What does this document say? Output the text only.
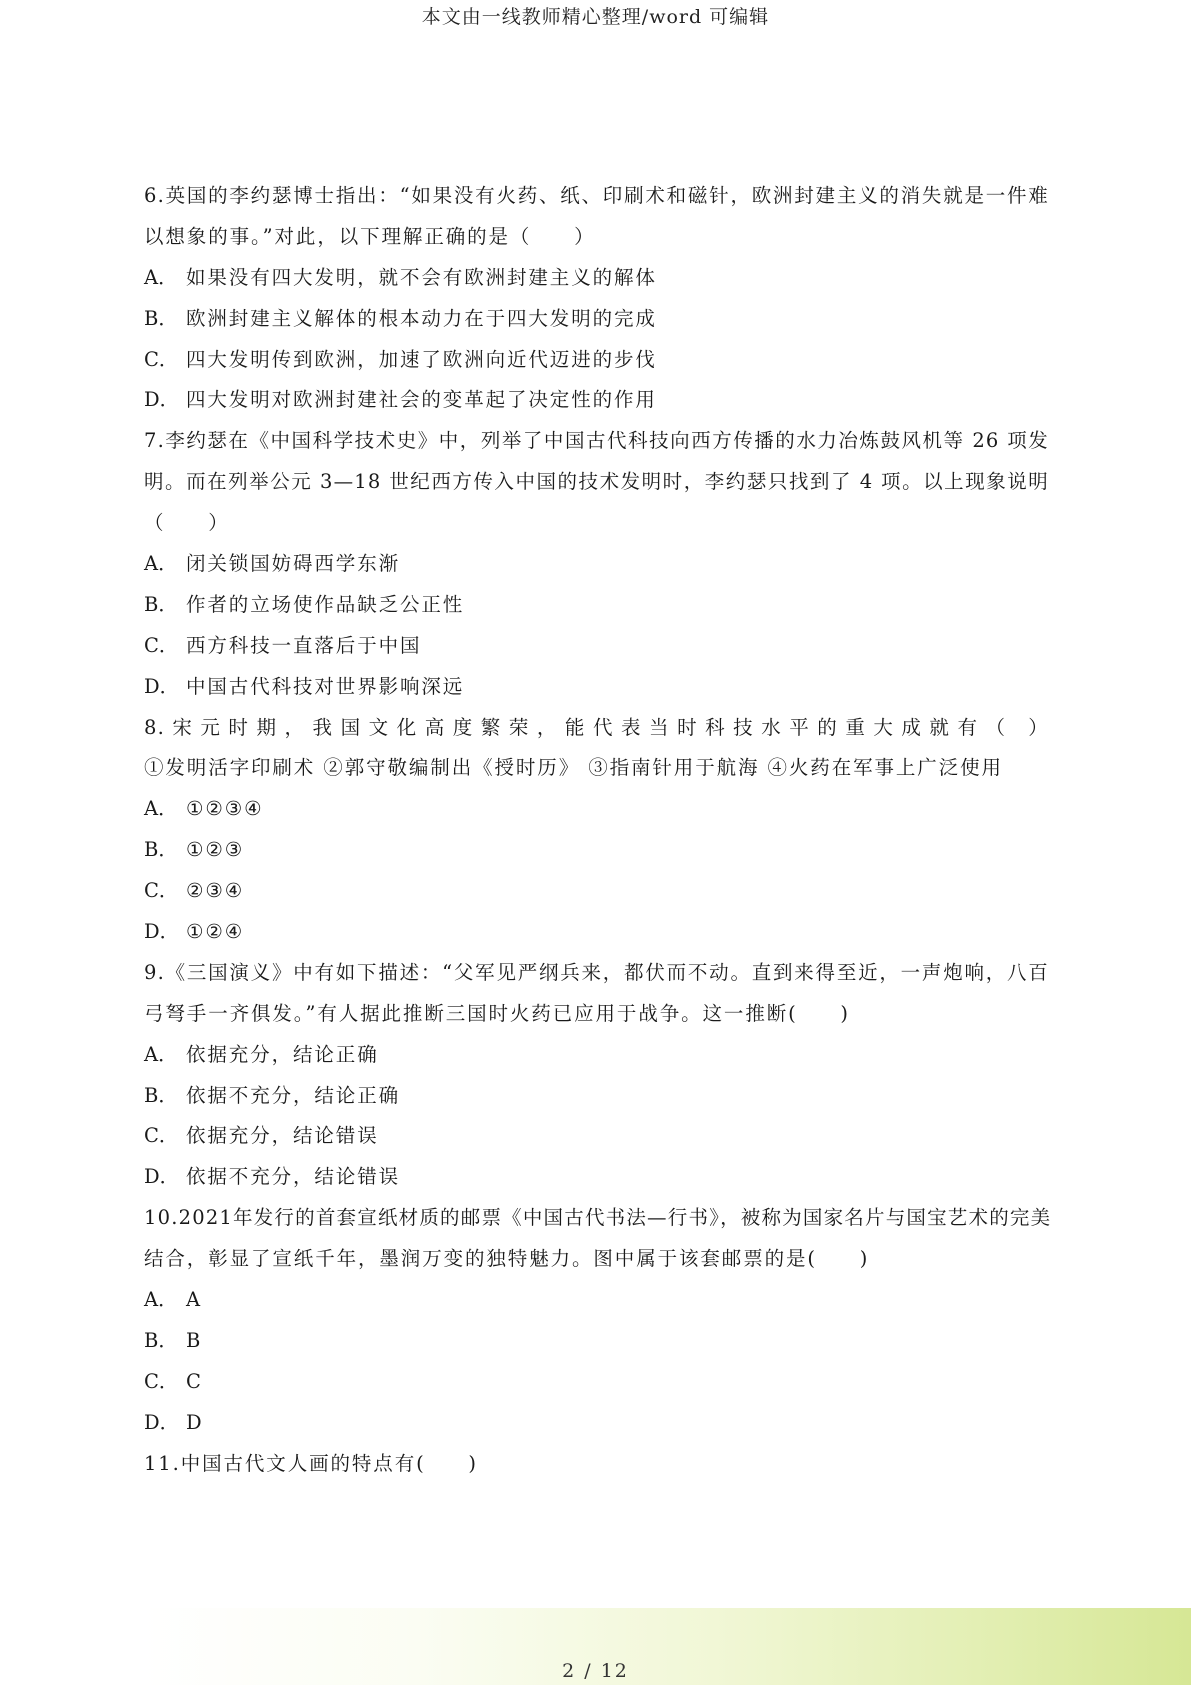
本文由一线教师精心整理/word 可编辑
6.英国的李约瑟博士指出：“如果没有火药、纸、印刷术和磁针，欧洲封建主义的消失就是一件难
以想象的事。”对此，以下理解正确的是（　　）
A． 如果没有四大发明，就不会有欧洲封建主义的解体
B． 欧洲封建主义解体的根本动力在于四大发明的完成
C． 四大发明传到欧洲，加速了欧洲向近代迈进的步伐
D． 四大发明对欧洲封建社会的变革起了决定性的作用
7.李约瑟在《中国科学技术史》中，列举了中国古代科技向西方传播的水力冶炼鼓风机等 26 项发
明。而在列举公元 3—18 世纪西方传入中国的技术发明时，李约瑟只找到了 4 项。以上现象说明
（　　）
A． 闭关锁国妨碍西学东渐
B． 作者的立场使作品缺乏公正性
C． 西方科技一直落后于中国
D． 中国古代科技对世界影响深远
8.宋元时期，我国文化高度繁荣，能代表当时科技水平的重大成就有（ ）
①发明活字印刷术 ②郭守敬编制出《授时历》 ③指南针用于航海 ④火药在军事上广泛使用
A． ①②③④
B． ①②③
C． ②③④
D． ①②④
9.《三国演义》中有如下描述：“父军见严纲兵来，都伏而不动。直到来得至近，一声炮响，八百
弓弩手一齐俱发。”有人据此推断三国时火药已应用于战争。这一推断(　　)
A． 依据充分，结论正确
B． 依据不充分，结论正确
C． 依据充分，结论错误
D． 依据不充分，结论错误
10.2021年发行的首套宣纸材质的邮票《中国古代书法—行书》，被称为国家名片与国宝艺术的完美
结合，彰显了宣纸千年，墨润万变的独特魅力。图中属于该套邮票的是(　　)
A． A
B． B
C． C
D． D
11.中国古代文人画的特点有(　　)
2 / 12
